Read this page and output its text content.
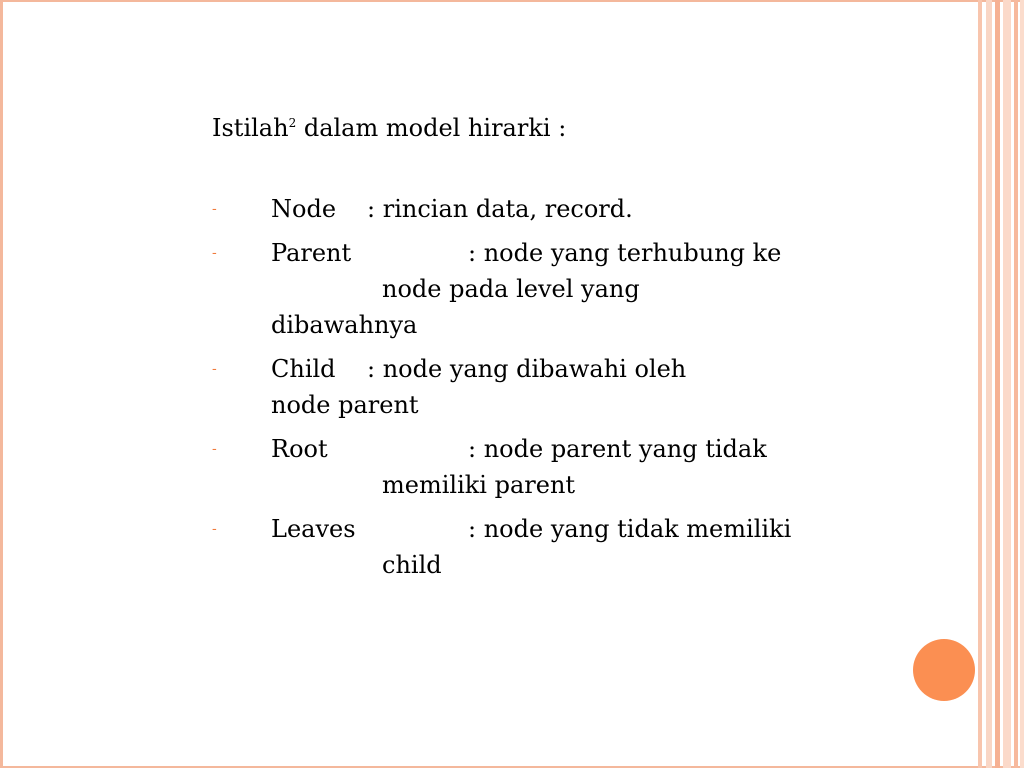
Istilah$^2$ dalam model hirarki :

- Node : rincian data, record.
- Parent	: node yang terhubung ke
node pada level yang
dibawahnya
- Child : node yang dibawahi oleh
node parent
- Root	: node parent yang tidak
memiliki parent
- Leaves	: node yang tidak memiliki
child
